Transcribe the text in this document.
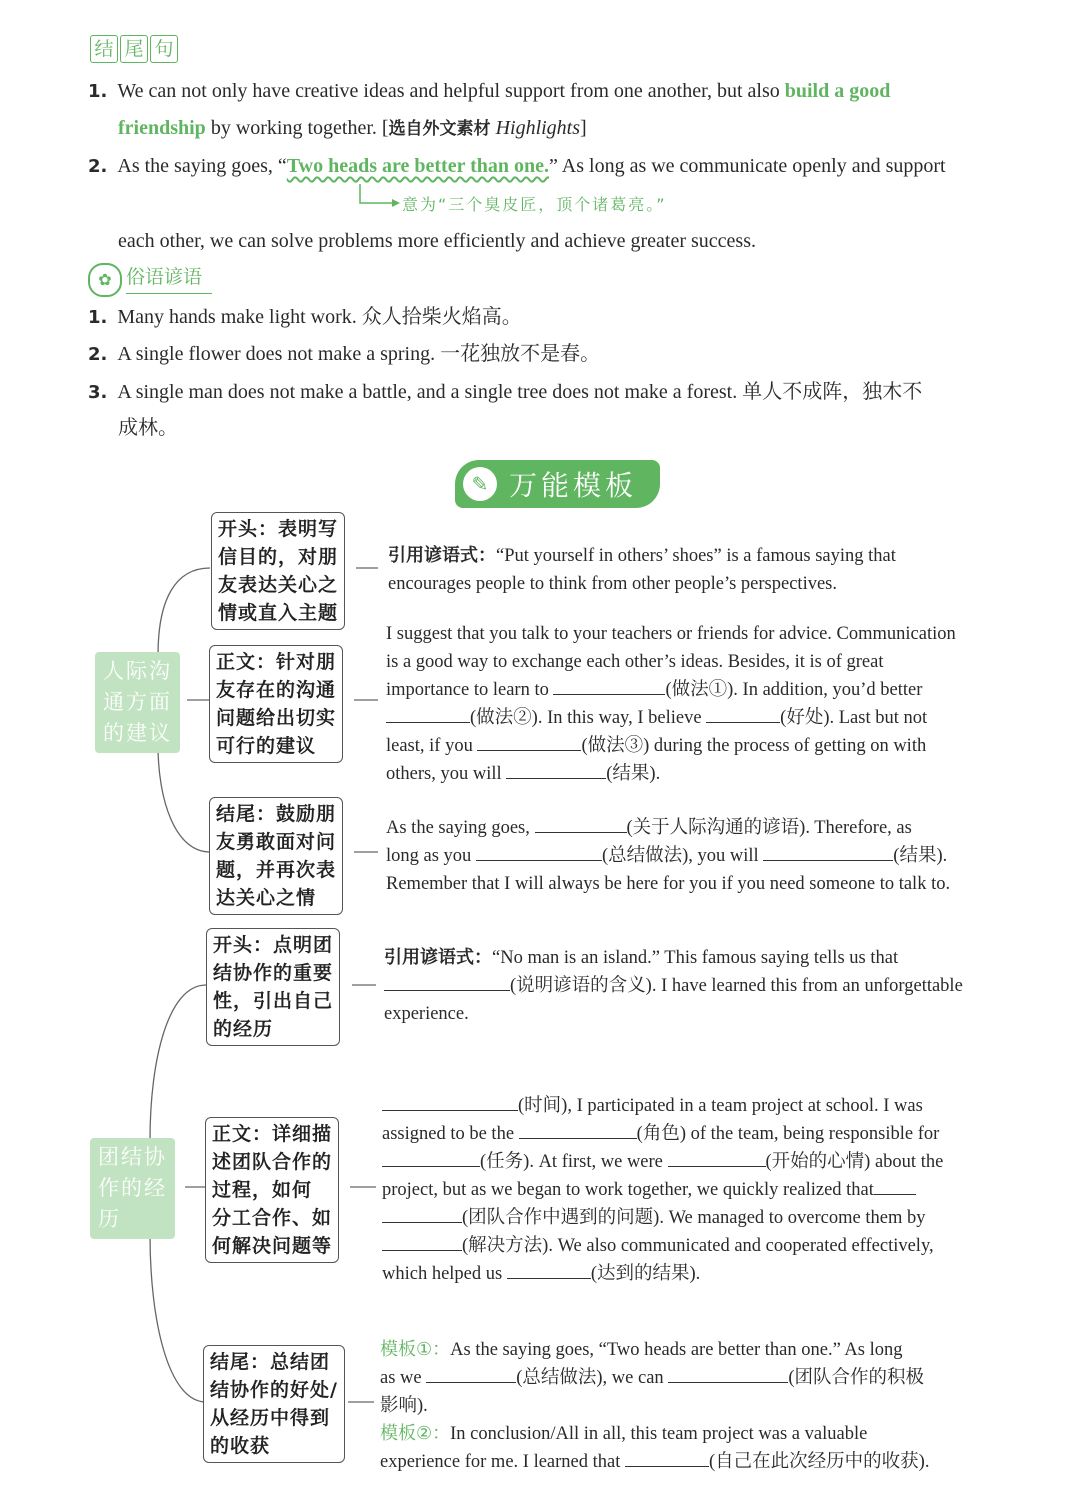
结 尾 句
1. We can not only have creative ideas and helpful support from one another, but also build a good
friendship by working together. [选自外文素材 Highlights]
2. As the saying goes, “Two heads are better than one.” As long as we communicate openly and support
意为“三个臭皮匠，顶个诸葛亮。”
each other, we can solve problems more efficiently and achieve greater success.
✿ 俗语谚语
1. Many hands make light work. 众人拾柴火焰高。
2. A single flower does not make a spring. 一花独放不是春。
3. A single man does not make a battle, and a single tree does not make a forest. 单人不成阵，独木不
成林。
✎ 万能模板
人际沟
通方面
的建议
团结协
作的经
历
开头：表明写
信目的，对朋
友表达关心之
情或直入主题
正文：针对朋
友存在的沟通
问题给出切实
可行的建议
结尾：鼓励朋
友勇敢面对问
题，并再次表
达关心之情
开头：点明团
结协作的重要
性，引出自己
的经历
正文：详细描
述团队合作的
过程，如何
分工合作、如
何解决问题等
结尾：总结团
结协作的好处/
从经历中得到
的收获
引用谚语式：“Put yourself in others’ shoes” is a famous saying that
encourages people to think from other people’s perspectives.
I suggest that you talk to your teachers or friends for advice. Communication
is a good way to exchange each other’s ideas. Besides, it is of great
importance to learn to	(做法①). In addition, you’d better
(做法②). In this way, I believe	(好处). Last but not
least, if you	(做法③) during the process of getting on with
others, you will	(结果).
As the saying goes,	(关于人际沟通的谚语). Therefore, as
long as you	(总结做法), you will	(结果).
Remember that I will always be here for you if you need someone to talk to.
引用谚语式：“No man is an island.” This famous saying tells us that
(说明谚语的含义). I have learned this from an unforgettable
experience.
(时间), I participated in a team project at school. I was
assigned to be the	(角色) of the team, being responsible for
(任务). At first, we were	(开始的心情) about the
project, but as we began to work together, we quickly realized that
(团队合作中遇到的问题). We managed to overcome them by
(解决方法). We also communicated and cooperated effectively,
which helped us	(达到的结果).
模板①：As the saying goes, “Two heads are better than one.” As long
as we	(总结做法), we can	(团队合作的积极
影响).
模板②：In conclusion/All in all, this team project was a valuable
experience for me. I learned that	(自己在此次经历中的收获).
